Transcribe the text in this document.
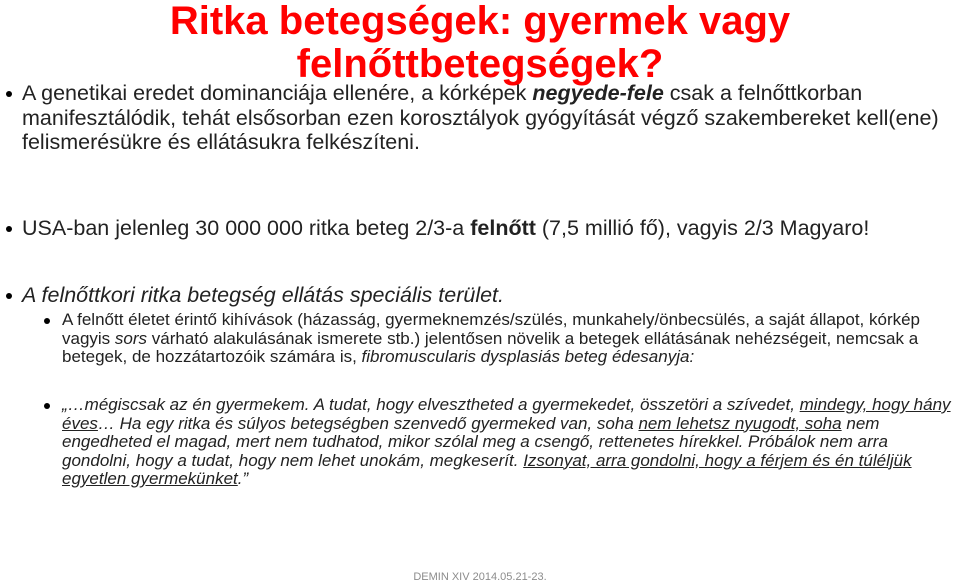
Ritka betegségek: gyermek vagy
felnőttbetegségek?
A genetikai eredet dominanciája ellenére, a kórképek negyede-fele csak a felnőttkorban manifesztálódik, tehát elsősorban ezen korosztályok gyógyítását végző szakembereket kell(ene) felismerésükre és ellátásukra felkészíteni.
USA-ban jelenleg 30 000 000 ritka beteg 2/3-a felnőtt (7,5 millió fő), vagyis 2/3 Magyaro!
A felnőttkori ritka betegség ellátás speciális terület.
A felnőtt életet érintő kihívások (házasság, gyermeknemzés/szülés, munkahely/önbecsülés, a saját állapot, kórkép vagyis sors várható alakulásának ismerete stb.) jelentősen növelik a betegek ellátásának nehézségeit, nemcsak a betegek, de hozzátartozóik számára is, fibromuscularis dysplasiás beteg édesanyja:
„…mégiscsak az én gyermekem. A tudat, hogy elvesztheted a gyermekedet, összetöri a szívedet, mindegy, hogy hány éves… Ha egy ritka és súlyos betegségben szenvedő gyermeked van, soha nem lehetsz nyugodt, soha nem engedheted el magad, mert nem tudhatod, mikor szólal meg a csengő, rettenetes hírekkel. Próbálok nem arra gondolni, hogy a tudat, hogy nem lehet unokám, megkeserít. Izsonyat, arra gondolni, hogy a férjem és én túléljük egyetlen gyermekünket.”
DEMIN XIV 2014.05.21-23.
